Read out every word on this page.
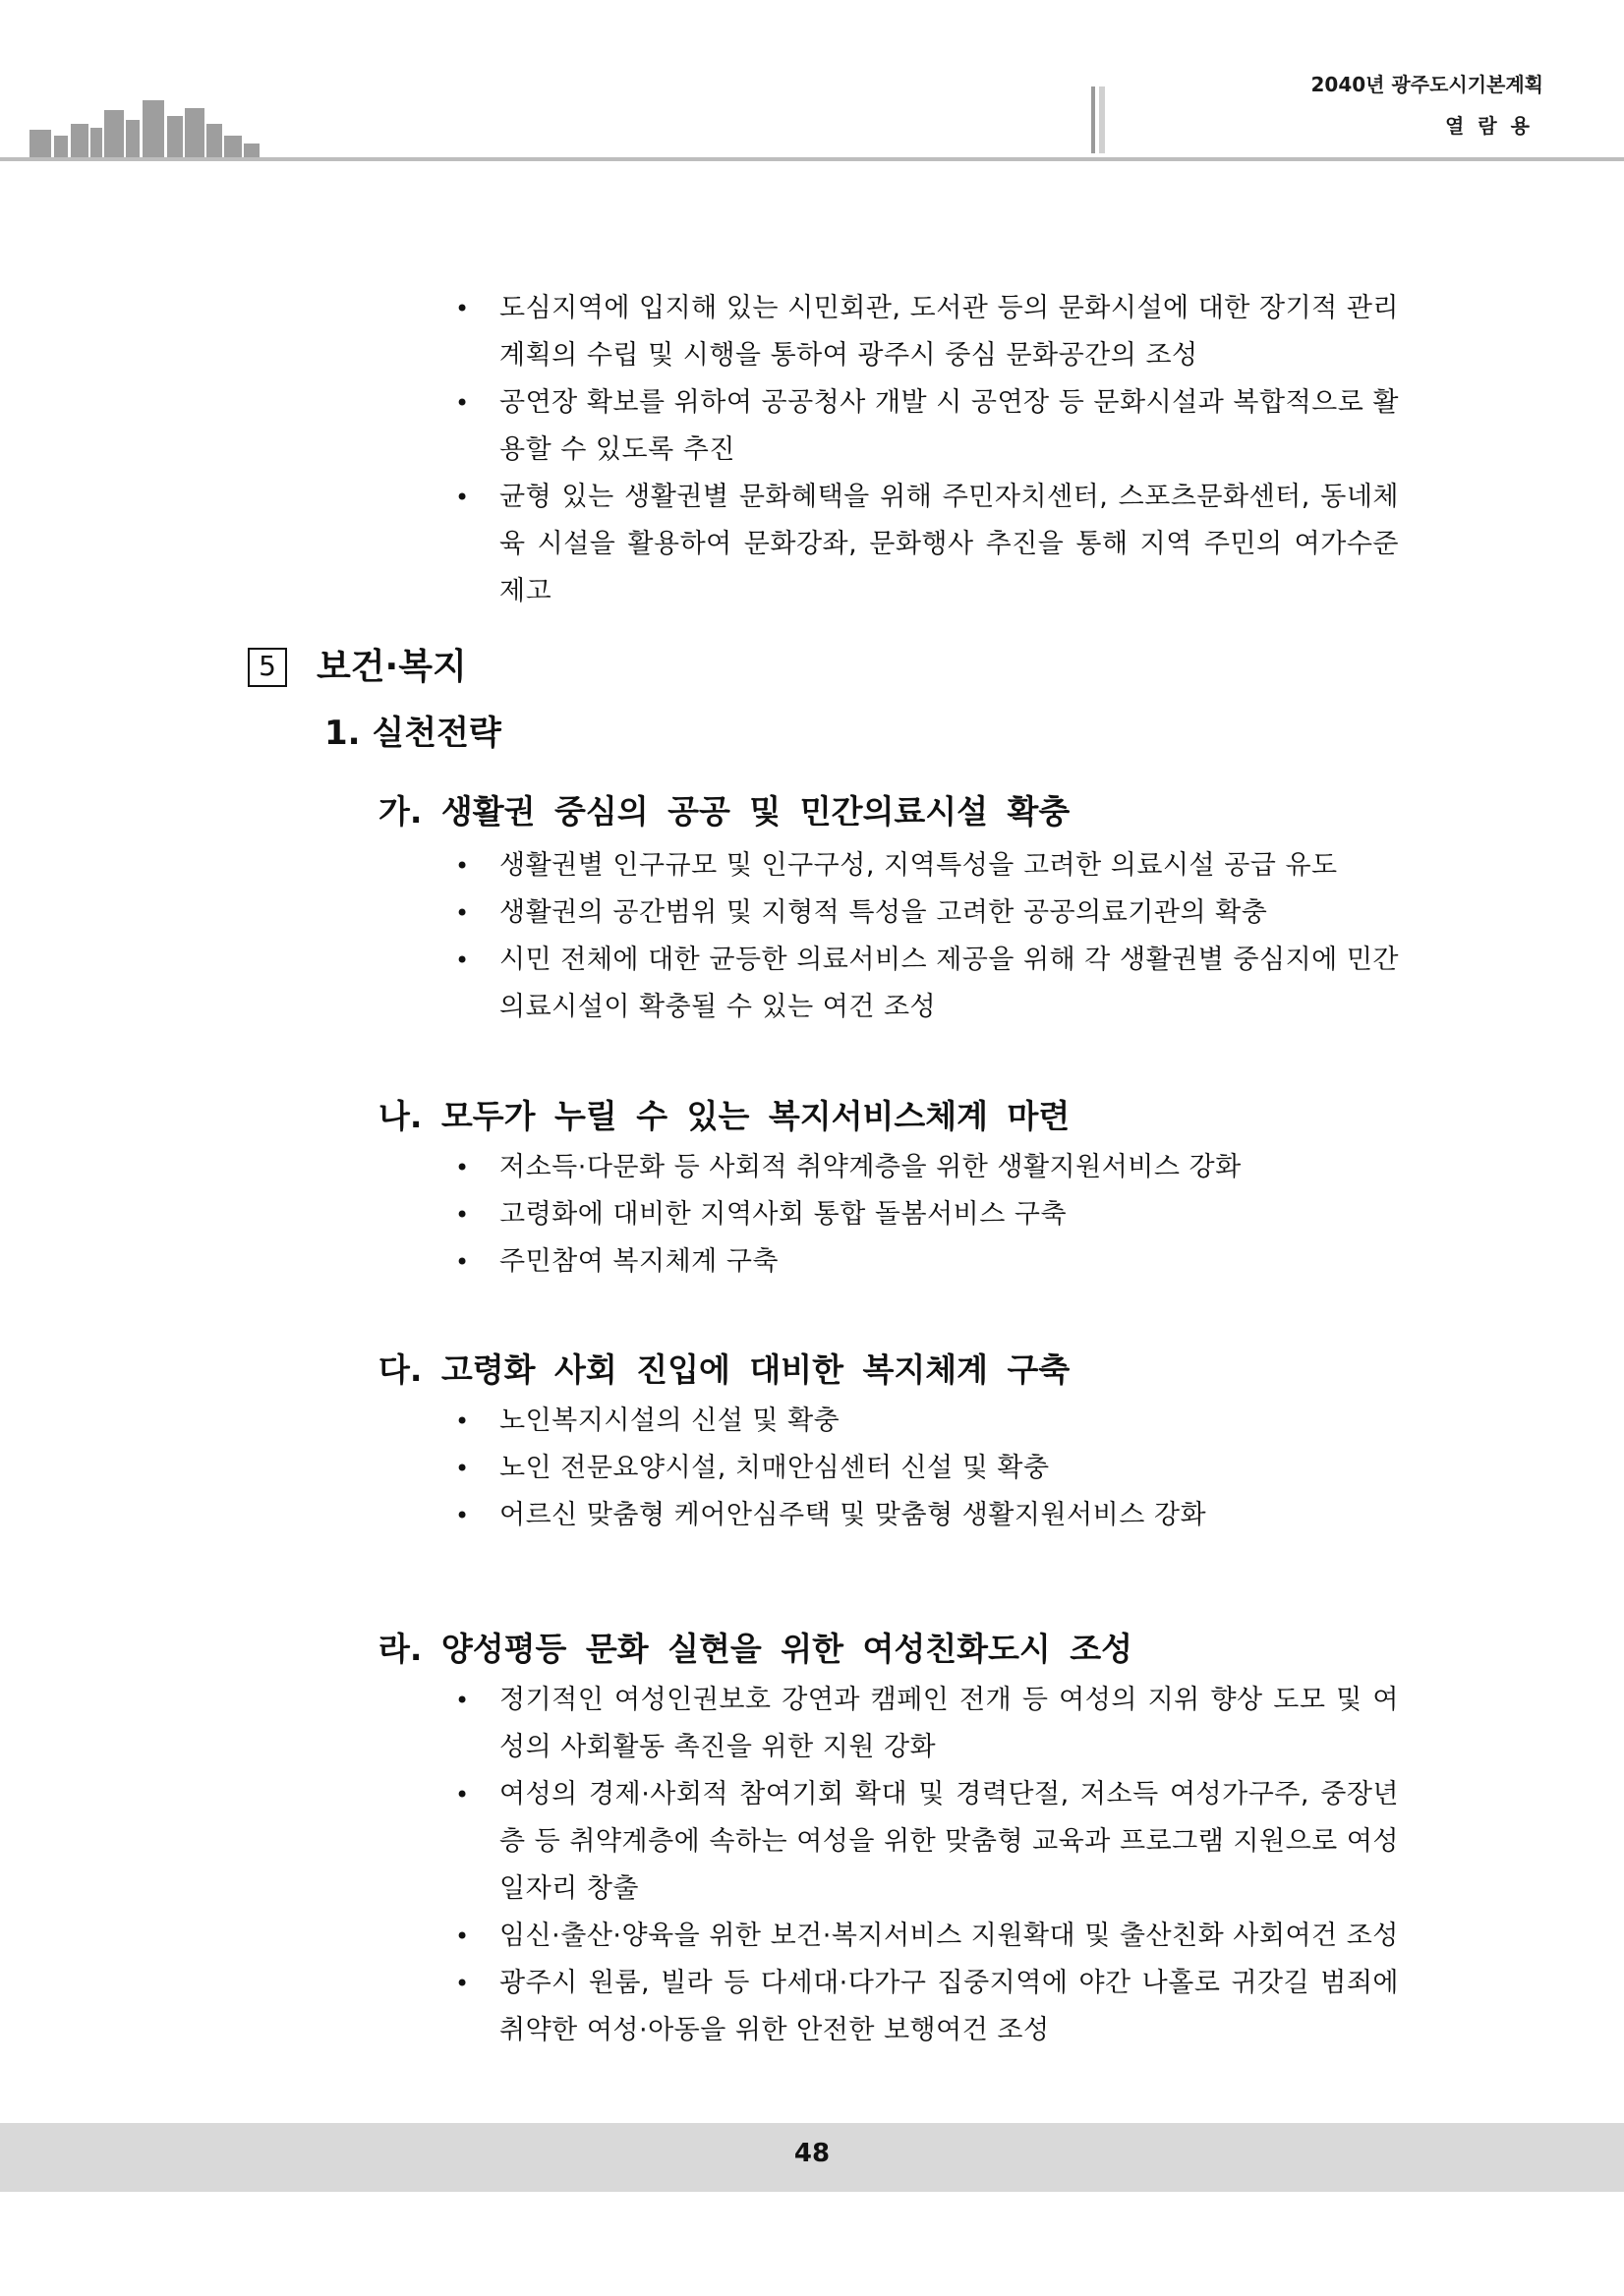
2040년 광주도시기본계획
열람용
• 도심지역에 입지해 있는 시민회관, 도서관 등의 문화시설에 대한 장기적 관리계획의 수립 및 시행을 통하여 광주시 중심 문화공간의 조성
• 공연장 확보를 위하여 공공청사 개발 시 공연장 등 문화시설과 복합적으로 활용할 수 있도록 추진
• 균형 있는 생활권별 문화혜택을 위해 주민자치센터, 스포츠문화센터, 동네체육 시설을 활용하여 문화강좌, 문화행사 추진을 통해 지역 주민의 여가수준 제고
5 보건·복지
1. 실천전략
가. 생활권 중심의 공공 및 민간의료시설 확충
• 생활권별 인구규모 및 인구구성, 지역특성을 고려한 의료시설 공급 유도
• 생활권의 공간범위 및 지형적 특성을 고려한 공공의료기관의 확충
• 시민 전체에 대한 균등한 의료서비스 제공을 위해 각 생활권별 중심지에 민간의료시설이 확충될 수 있는 여건 조성
나. 모두가 누릴 수 있는 복지서비스체계 마련
• 저소득·다문화 등 사회적 취약계층을 위한 생활지원서비스 강화
• 고령화에 대비한 지역사회 통합 돌봄서비스 구축
• 주민참여 복지체계 구축
다. 고령화 사회 진입에 대비한 복지체계 구축
• 노인복지시설의 신설 및 확충
• 노인 전문요양시설, 치매안심센터 신설 및 확충
• 어르신 맞춤형 케어안심주택 및 맞춤형 생활지원서비스 강화
라. 양성평등 문화 실현을 위한 여성친화도시 조성
• 정기적인 여성인권보호 강연과 캠페인 전개 등 여성의 지위 향상 도모 및 여성의 사회활동 촉진을 위한 지원 강화
• 여성의 경제·사회적 참여기회 확대 및 경력단절, 저소득 여성가구주, 중장년층 등 취약계층에 속하는 여성을 위한 맞춤형 교육과 프로그램 지원으로 여성일자리 창출
• 임신·출산·양육을 위한 보건·복지서비스 지원확대 및 출산친화 사회여건 조성
• 광주시 원룸, 빌라 등 다세대·다가구 집중지역에 야간 나홀로 귀갓길 범죄에 취약한 여성·아동을 위한 안전한 보행여건 조성
48
